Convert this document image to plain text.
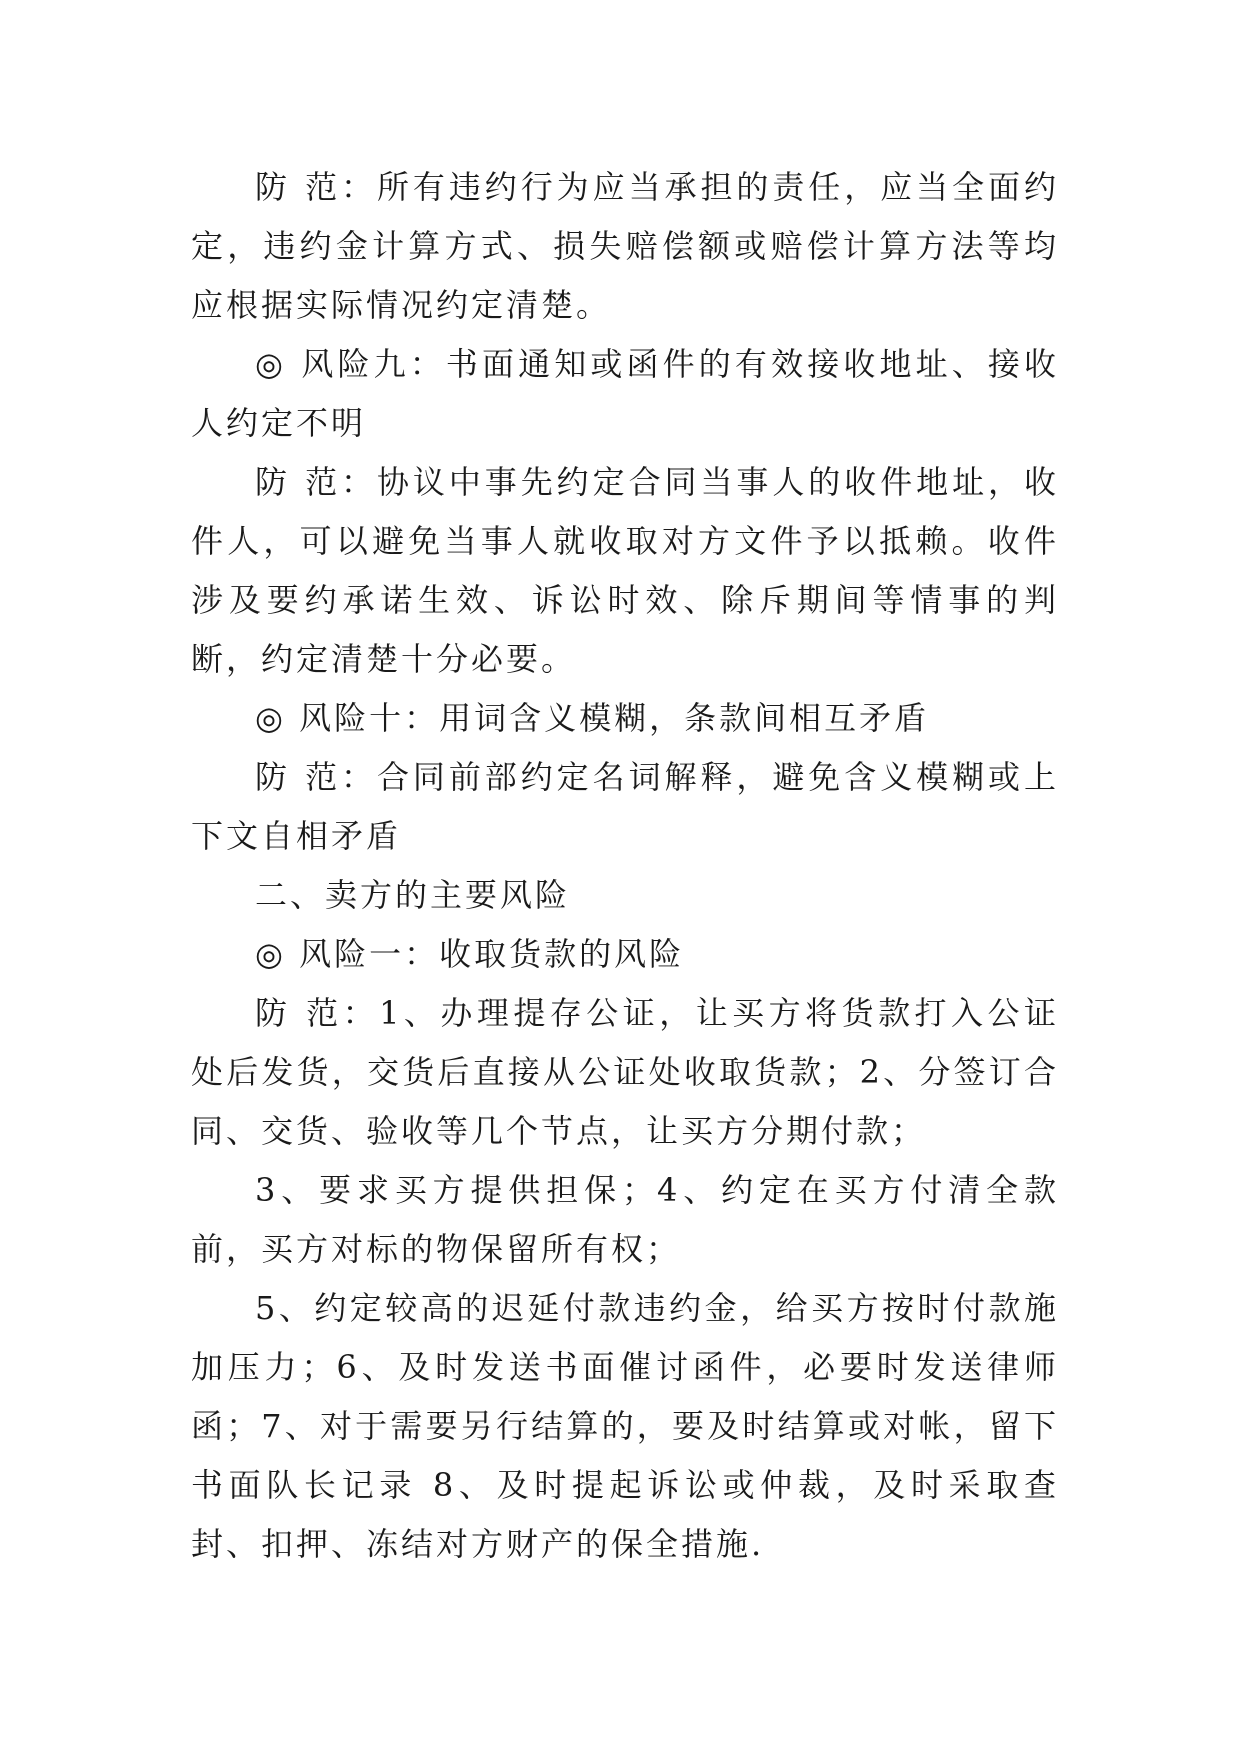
防 范：所有违约行为应当承担的责任，应当全面约定，违约金计算方式、损失赔偿额或赔偿计算方法等均应根据实际情况约定清楚。

◎ 风险九：书面通知或函件的有效接收地址、接收人约定不明

防 范：协议中事先约定合同当事人的收件地址，收件人，可以避免当事人就收取对方文件予以抵赖。收件涉及要约承诺生效、诉讼时效、除斥期间等情事的判断，约定清楚十分必要。

◎ 风险十：用词含义模糊，条款间相互矛盾

防 范：合同前部约定名词解释，避免含义模糊或上下文自相矛盾

二、卖方的主要风险

◎ 风险一：收取货款的风险

防 范：1、办理提存公证，让买方将货款打入公证处后发货，交货后直接从公证处收取货款；2、分签订合同、交货、验收等几个节点，让买方分期付款；

3、要求买方提供担保；4、约定在买方付清全款前，买方对标的物保留所有权；

5、约定较高的迟延付款违约金，给买方按时付款施加压力；6、及时发送书面催讨函件，必要时发送律师函；7、对于需要另行结算的，要及时结算或对帐，留下书面队长记录 8、及时提起诉讼或仲裁，及时采取查封、扣押、冻结对方财产的保全措施.
